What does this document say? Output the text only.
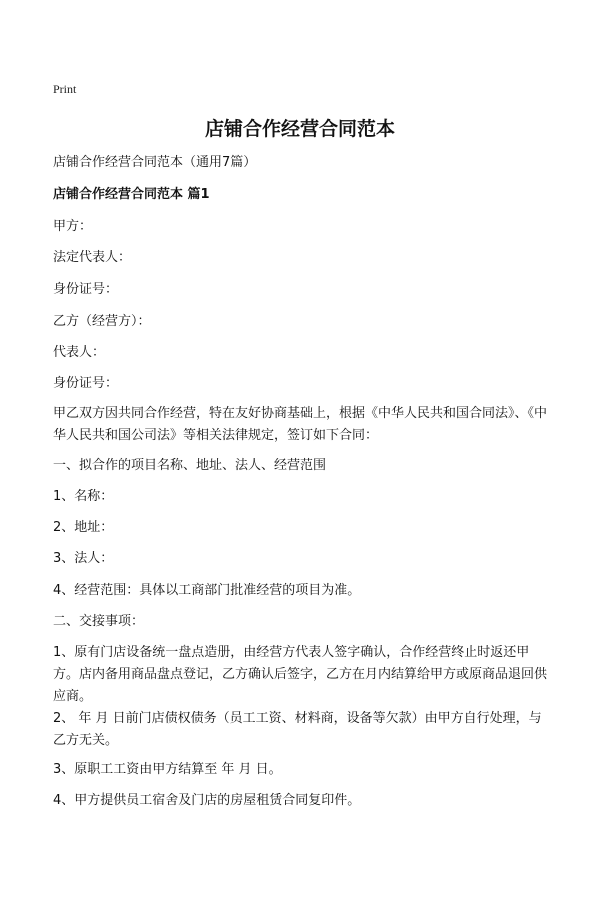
Print
店铺合作经营合同范本
店铺合作经营合同范本（通用7篇）
店铺合作经营合同范本 篇1
甲方：
法定代表人：
身份证号：
乙方（经营方）：
代表人：
身份证号：
甲乙双方因共同合作经营，特在友好协商基础上，根据《中华人民共和国合同法》、《中华人民共和国公司法》等相关法律规定，签订如下合同：
一、拟合作的项目名称、地址、法人、经营范围
1、名称：
2、地址：
3、法人：
4、经营范围：具体以工商部门批准经营的项目为准。
二、交接事项：
1、原有门店设备统一盘点造册，由经营方代表人签字确认，合作经营终止时返还甲方。店内备用商品盘点登记，乙方确认后签字，乙方在月内结算给甲方或原商品退回供应商。
2、 年 月 日前门店债权债务（员工工资、材料商，设备等欠款）由甲方自行处理，与乙方无关。
3、原职工工资由甲方结算至 年 月 日。
4、甲方提供员工宿舍及门店的房屋租赁合同复印件。
